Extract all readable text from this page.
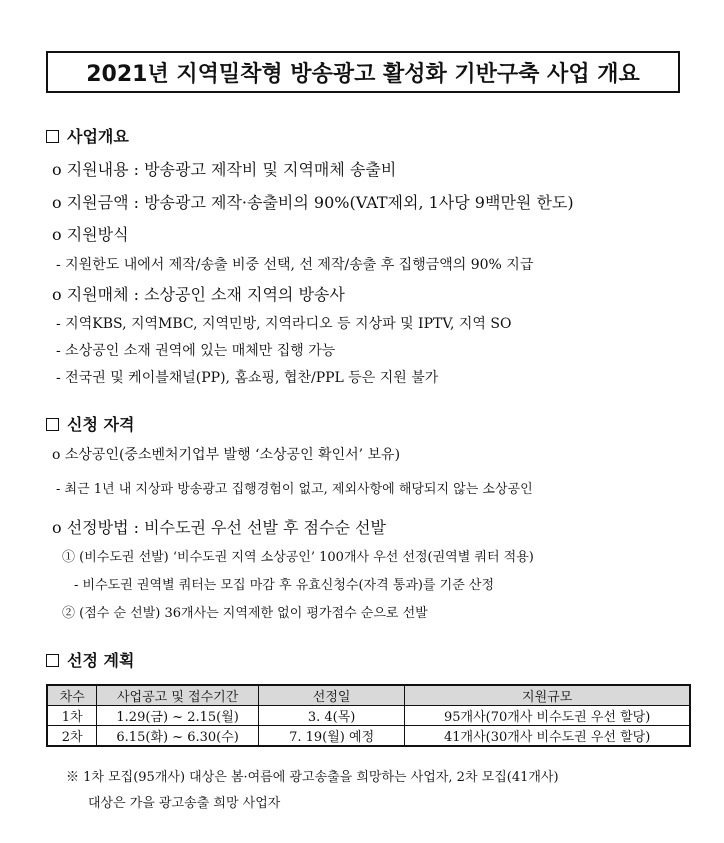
2021년 지역밀착형 방송광고 활성화 기반구축 사업 개요
사업개요
o 지원내용 : 방송광고 제작비 및 지역매체 송출비
o 지원금액 : 방송광고 제작·송출비의 90%(VAT제외, 1사당 9백만원 한도)
o 지원방식
- 지원한도 내에서 제작/송출 비중 선택, 선 제작/송출 후 집행금액의 90% 지급
o 지원매체 : 소상공인 소재 지역의 방송사
- 지역KBS, 지역MBC, 지역민방, 지역라디오 등 지상파 및 IPTV, 지역 SO
- 소상공인 소재 권역에 있는 매체만 집행 가능
- 전국권 및 케이블채널(PP), 홈쇼핑, 협찬/PPL 등은 지원 불가
신청 자격
o 소상공인(중소벤처기업부 발행 ‘소상공인 확인서’ 보유)
- 최근 1년 내 지상파 방송광고 집행경험이 없고, 제외사항에 해당되지 않는 소상공인
o 선정방법 : 비수도권 우선 선발 후 점수순 선발
① (비수도권 선발) ‘비수도권 지역 소상공인’ 100개사 우선 선정(권역별 쿼터 적용)
- 비수도권 권역별 쿼터는 모집 마감 후 유효신청수(자격 통과)를 기준 산정
② (점수 순 선발) 36개사는 지역제한 없이 평가점수 순으로 선발
선정 계획
차수	사업공고 및 접수기간	선정일	지원규모
1차	1.29(금) ~ 2.15(월)	3. 4(목)	95개사(70개사 비수도권 우선 할당)
2차	6.15(화) ~ 6.30(수)	7. 19(월) 예정	41개사(30개사 비수도권 우선 할당)
※ 1차 모집(95개사) 대상은 봄·여름에 광고송출을 희망하는 사업자, 2차 모집(41개사)
대상은 가을 광고송출 희망 사업자
